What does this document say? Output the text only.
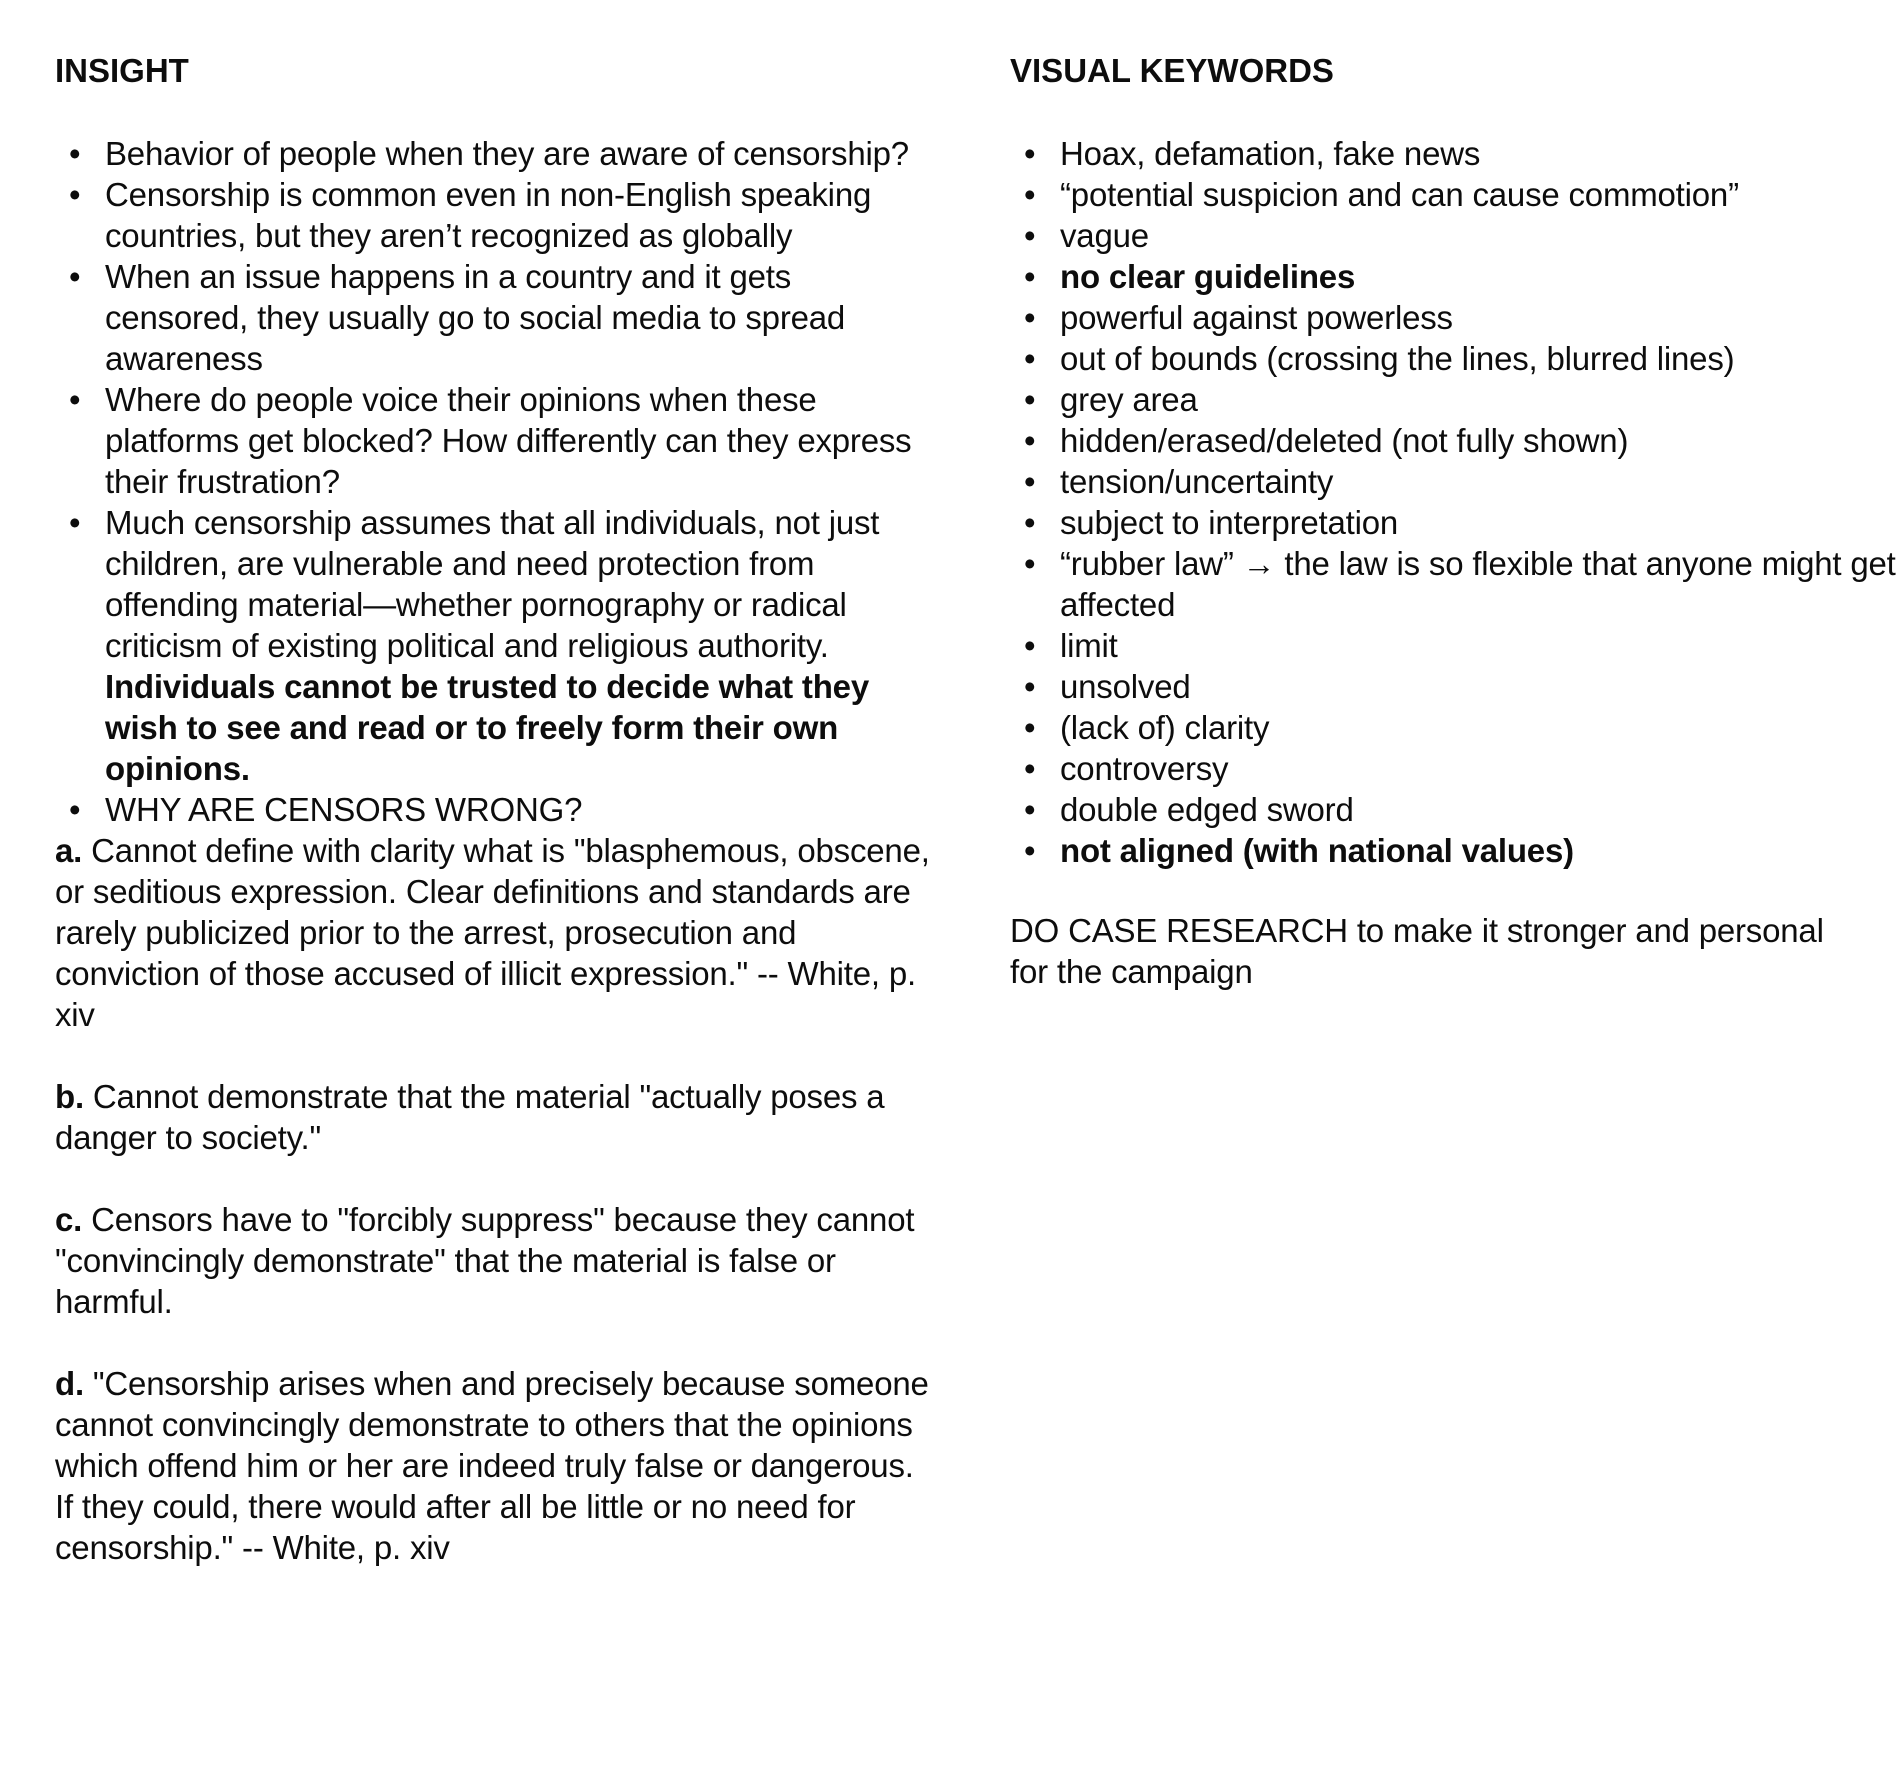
INSIGHT
• Behavior of people when they are aware of censorship?
• Censorship is common even in non-English speaking countries, but they aren’t recognized as globally
• When an issue happens in a country and it gets censored, they usually go to social media to spread awareness
• Where do people voice their opinions when these platforms get blocked? How differently can they express their frustration?
• Much censorship assumes that all individuals, not just children, are vulnerable and need protection from offending material—whether pornography or radical criticism of existing political and religious authority. Individuals cannot be trusted to decide what they wish to see and read or to freely form their own opinions.
• WHY ARE CENSORS WRONG?

a. Cannot define with clarity what is "blasphemous, obscene, or seditious expression. Clear definitions and standards are rarely publicized prior to the arrest, prosecution and conviction of those accused of illicit expression." -- White, p. xiv

b. Cannot demonstrate that the material "actually poses a danger to society."

c. Censors have to "forcibly suppress" because they cannot "convincingly demonstrate" that the material is false or harmful.

d. "Censorship arises when and precisely because someone cannot convincingly demonstrate to others that the opinions which offend him or her are indeed truly false or dangerous. If they could, there would after all be little or no need for censorship." -- White, p. xiv

VISUAL KEYWORDS
• Hoax, defamation, fake news
• “potential suspicion and can cause commotion”
• vague
• no clear guidelines
• powerful against powerless
• out of bounds (crossing the lines, blurred lines)
• grey area
• hidden/erased/deleted (not fully shown)
• tension/uncertainty
• subject to interpretation
• “rubber law” → the law is so flexible that anyone might get affected
• limit
• unsolved
• (lack of) clarity
• controversy
• double edged sword
• not aligned (with national values)

DO CASE RESEARCH to make it stronger and personal for the campaign
